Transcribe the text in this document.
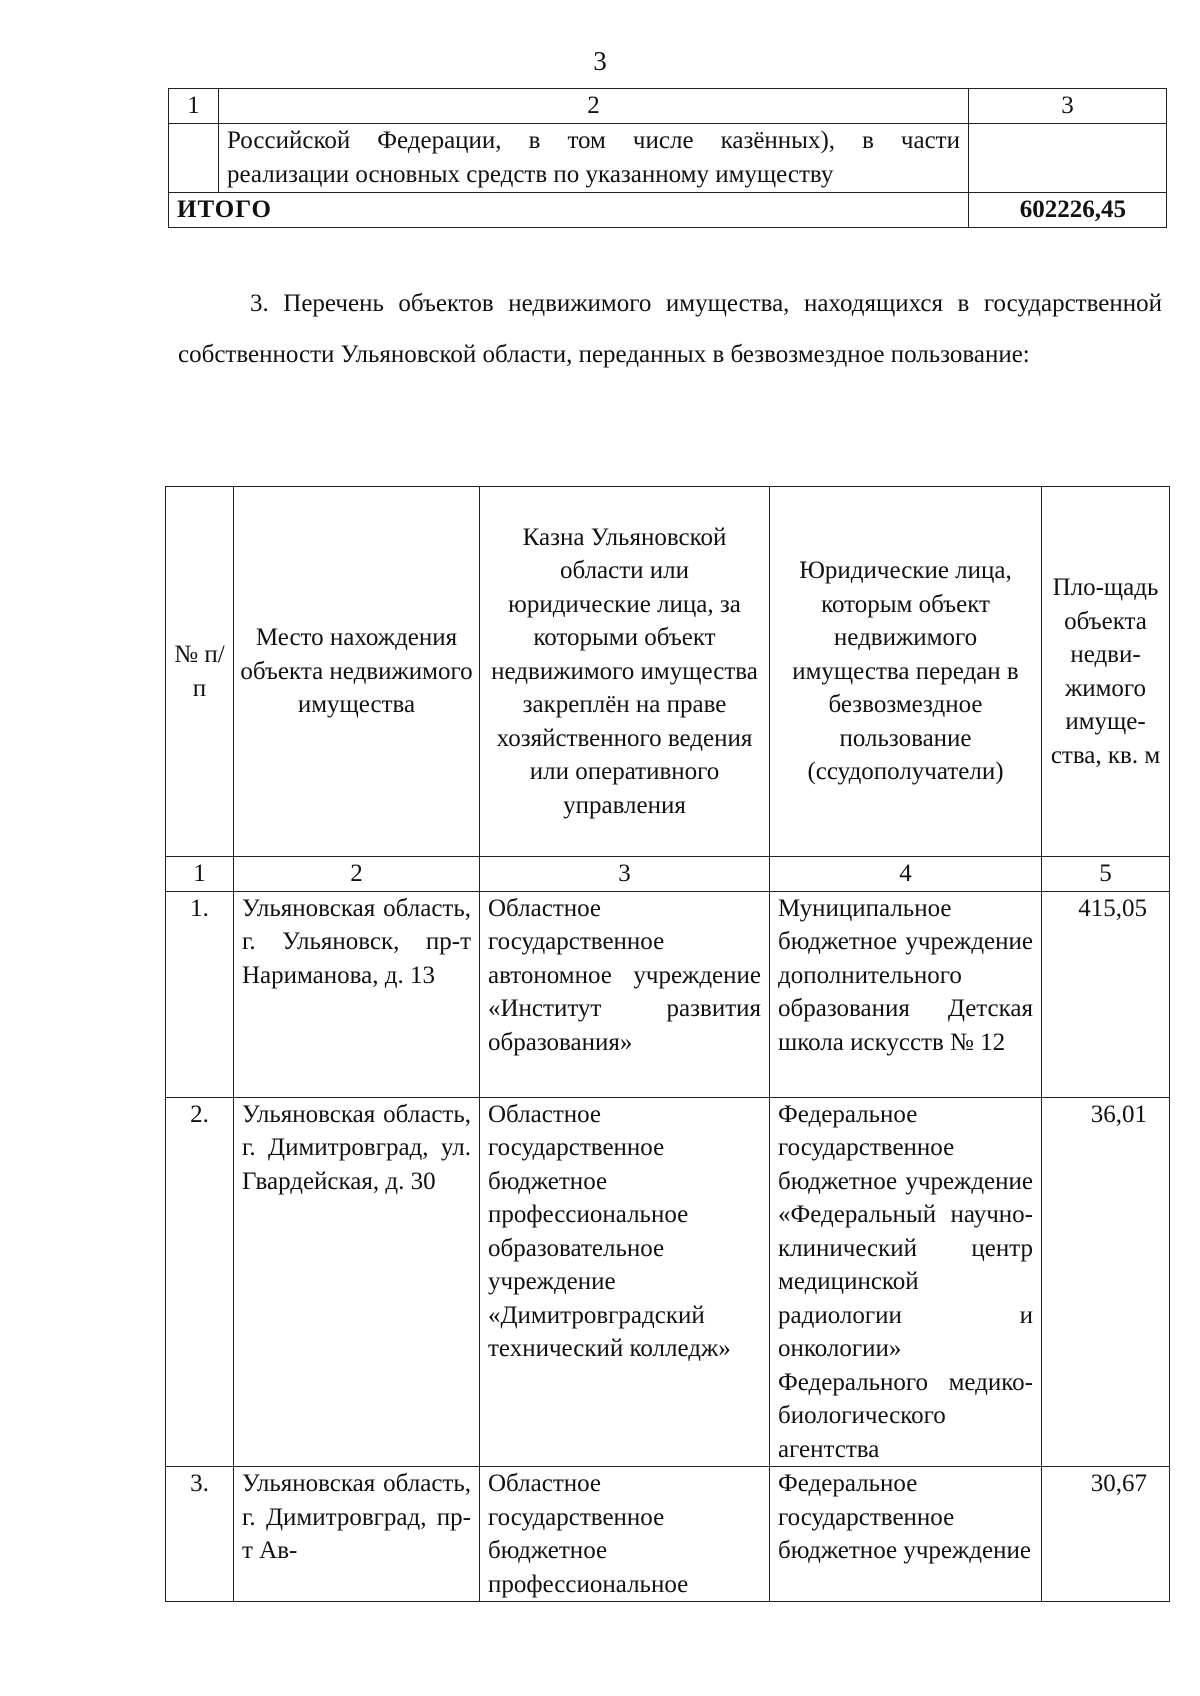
3
1	2	3

	Российской Федерации, в том числе казённых), в части
реализации основных средств по указанному имуществу	

ИТОГО		602226,45
3. Перечень объектов недвижимого имущества, находящихся в государственной собственности Ульяновской области, переданных в безвозмездное пользование:
№ п/п	Место нахождения объекта недвижимого имущества	Казна Ульяновской области или юридические лица, за которыми объект недвижимого имущества закреплён на праве хозяйственного ведения или оперативного управления	Юридические лица, которым объект недвижимого имущества передан в безвозмездное пользование (ссудополучатели)	Пло-щадь объекта недви-жимого имуще-ства, кв. м
1	2	3	4	5
1.	Ульяновская область, г. Ульяновск, пр-т Нариманова, д. 13	Областное государственное автономное учреждение «Институт развития образования»	Муниципальное бюджетное учреждение дополнительного образования Детская школа искусств № 12	415,05
2.	Ульяновская область, г. Димитровград, ул. Гвардейская, д. 30	Областное государственное бюджетное профессиональное образовательное учреждение «Димитровградский технический колледж»	Федеральное государственное бюджетное учреждение «Федеральный научно-клинический центр медицинской радиологии и онкологии» Федерального медико-биологического агентства	36,01
3.	Ульяновская область, г. Димитровград, пр-т Ав-	Областное государственное бюджетное профессиональное	Федеральное государственное бюджетное учреждение	30,67
